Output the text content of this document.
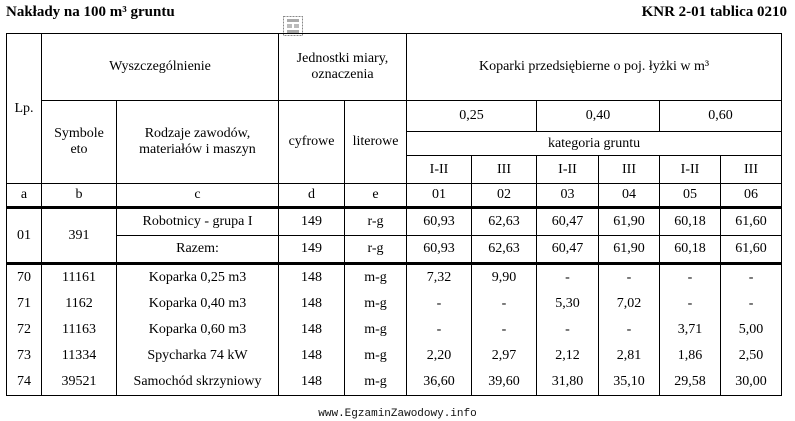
Nakłady na 100 m³ gruntu	KNR 2-01 tablica 0210
Lp.	Wyszczególnienie		Jednostki miary, oznaczenia		Koparki przedsiębierne o poj. łyżki w m³					
	Symbole eto	Rodzaje zawodów, materiałów i maszyn	cyfrowe	literowe	0,25		0,40		0,60	
					kategoria gruntu					
					I-II	III	I-II	III	I-II	III
a	b	c	d	e	01	02	03	04	05	06
01	391	Robotnicy - grupa I	149	r-g	60,93	62,63	60,47	61,90	60,18	61,60
		Razem:	149	r-g	60,93	62,63	60,47	61,90	60,18	61,60
70	11161	Koparka 0,25 m3	148	m-g	7,32	9,90	-	-	-	-
71	1162	Koparka 0,40 m3	148	m-g	-	-	5,30	7,02	-	-
72	11163	Koparka 0,60 m3	148	m-g	-	-	-	-	3,71	5,00
73	11334	Spycharka 74 kW	148	m-g	2,20	2,97	2,12	2,81	1,86	2,50
74	39521	Samochód skrzyniowy	148	m-g	36,60	39,60	31,80	35,10	29,58	30,00
www.EgzaminZawodowy.info
